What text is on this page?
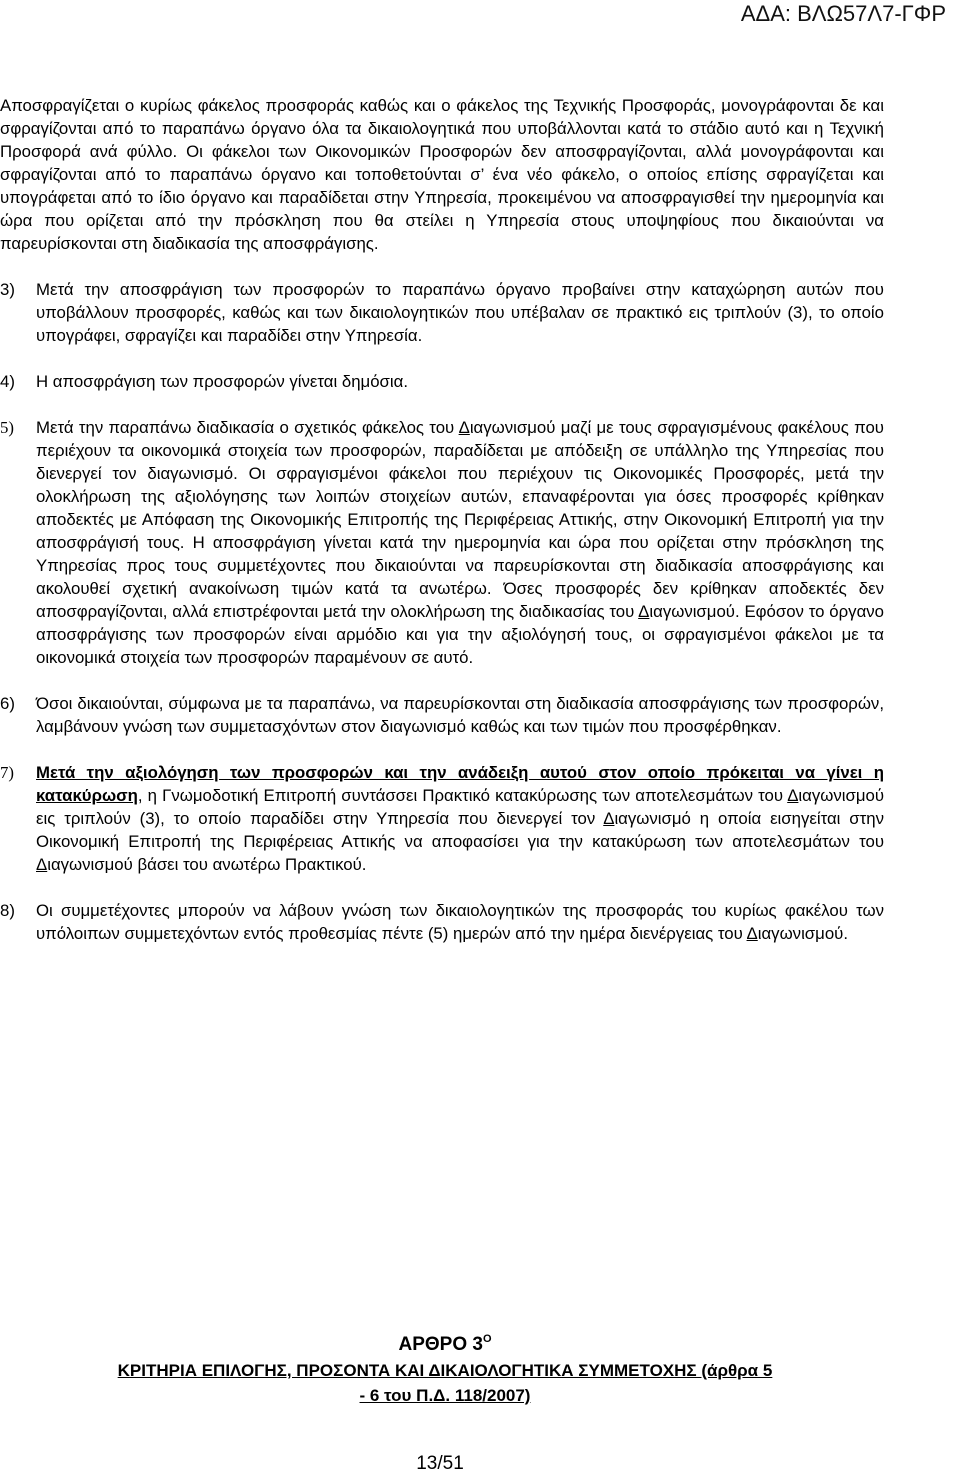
ΑΔΑ: ΒΛΩ57Λ7-ΓΦΡ

Αποσφραγίζεται ο κυρίως φάκελος προσφοράς καθώς και ο φάκελος της Τεχνικής Προσφοράς, μονογράφονται δε και σφραγίζονται από το παραπάνω όργανο όλα τα δικαιολογητικά που υποβάλλονται κατά το στάδιο αυτό και η Τεχνική Προσφορά ανά φύλλο. Οι φάκελοι των Οικονομικών Προσφορών δεν αποσφραγίζονται, αλλά μονογράφονται και σφραγίζονται από το παραπάνω όργανο και τοποθετούνται σ’ ένα νέο φάκελο, ο οποίος επίσης σφραγίζεται και υπογράφεται από το ίδιο όργανο και παραδίδεται στην Υπηρεσία, προκειμένου να αποσφραγισθεί την ημερομηνία και ώρα που ορίζεται από την πρόσκληση που θα στείλει η Υπηρεσία στους υποψηφίους που δικαιούνται να παρευρίσκονται στη διαδικασία της αποσφράγισης.

3) Μετά την αποσφράγιση των προσφορών το παραπάνω όργανο προβαίνει στην καταχώρηση αυτών που υποβάλλουν προσφορές, καθώς και των δικαιολογητικών που υπέβαλαν σε πρακτικό εις τριπλούν (3), το οποίο υπογράφει, σφραγίζει και παραδίδει στην Υπηρεσία.
4) Η αποσφράγιση των προσφορών γίνεται δημόσια.
5) Μετά την παραπάνω διαδικασία ο σχετικός φάκελος του Διαγωνισμού μαζί με τους σφραγισμένους φακέλους που περιέχουν τα οικονομικά στοιχεία των προσφορών, παραδίδεται με απόδειξη σε υπάλληλο της Υπηρεσίας που διενεργεί τον διαγωνισμό. Οι σφραγισμένοι φάκελοι που περιέχουν τις Οικονομικές Προσφορές, μετά την ολοκλήρωση της αξιολόγησης των λοιπών στοιχείων αυτών, επαναφέρονται για όσες προσφορές κρίθηκαν αποδεκτές με Απόφαση της Οικονομικής Επιτροπής της Περιφέρειας Αττικής, στην Οικονομική Επιτροπή για την αποσφράγισή τους. Η αποσφράγιση γίνεται κατά την ημερομηνία και ώρα που ορίζεται στην πρόσκληση της Υπηρεσίας προς τους συμμετέχοντες που δικαιούνται να παρευρίσκονται στη διαδικασία αποσφράγισης και ακολουθεί σχετική ανακοίνωση τιμών κατά τα ανωτέρω. Όσες προσφορές δεν κρίθηκαν αποδεκτές δεν αποσφραγίζονται, αλλά επιστρέφονται μετά την ολοκλήρωση της διαδικασίας του Διαγωνισμού. Εφόσον το όργανο αποσφράγισης των προσφορών είναι αρμόδιο και για την αξιολόγησή τους, οι σφραγισμένοι φάκελοι με τα οικονομικά στοιχεία των προσφορών παραμένουν σε αυτό.
6) Όσοι δικαιούνται, σύμφωνα με τα παραπάνω, να παρευρίσκονται στη διαδικασία αποσφράγισης των προσφορών, λαμβάνουν γνώση των συμμετασχόντων στον διαγωνισμό καθώς και των τιμών που προσφέρθηκαν.
7) Μετά την αξιολόγηση των προσφορών και την ανάδειξη αυτού στον οποίο πρόκειται να γίνει η κατακύρωση, η Γνωμοδοτική Επιτροπή συντάσσει Πρακτικό κατακύρωσης των αποτελεσμάτων του Διαγωνισμού εις τριπλούν (3), το οποίο παραδίδει στην Υπηρεσία που διενεργεί τον Διαγωνισμό η οποία εισηγείται στην Οικονομική Επιτροπή της Περιφέρειας Αττικής να αποφασίσει για την κατακύρωση των αποτελεσμάτων του Διαγωνισμού βάσει του ανωτέρω Πρακτικού.
8) Οι συμμετέχοντες μπορούν να λάβουν γνώση των δικαιολογητικών της προσφοράς του κυρίως φακέλου των υπόλοιπων συμμετεχόντων εντός προθεσμίας πέντε (5) ημερών από την ημέρα διενέργειας του Διαγωνισμού.

ΑΡΘΡΟ $3^O$

ΚΡΙΤΗΡΙΑ ΕΠΙΛΟΓΗΣ, ΠΡΟΣΟΝΤΑ ΚΑΙ ΔΙΚΑΙΟΛΟΓΗΤΙΚΑ ΣΥΜΜΕΤΟΧΗΣ (άρθρα 5

- 6 του Π.Δ. 118/2007)

13/51
